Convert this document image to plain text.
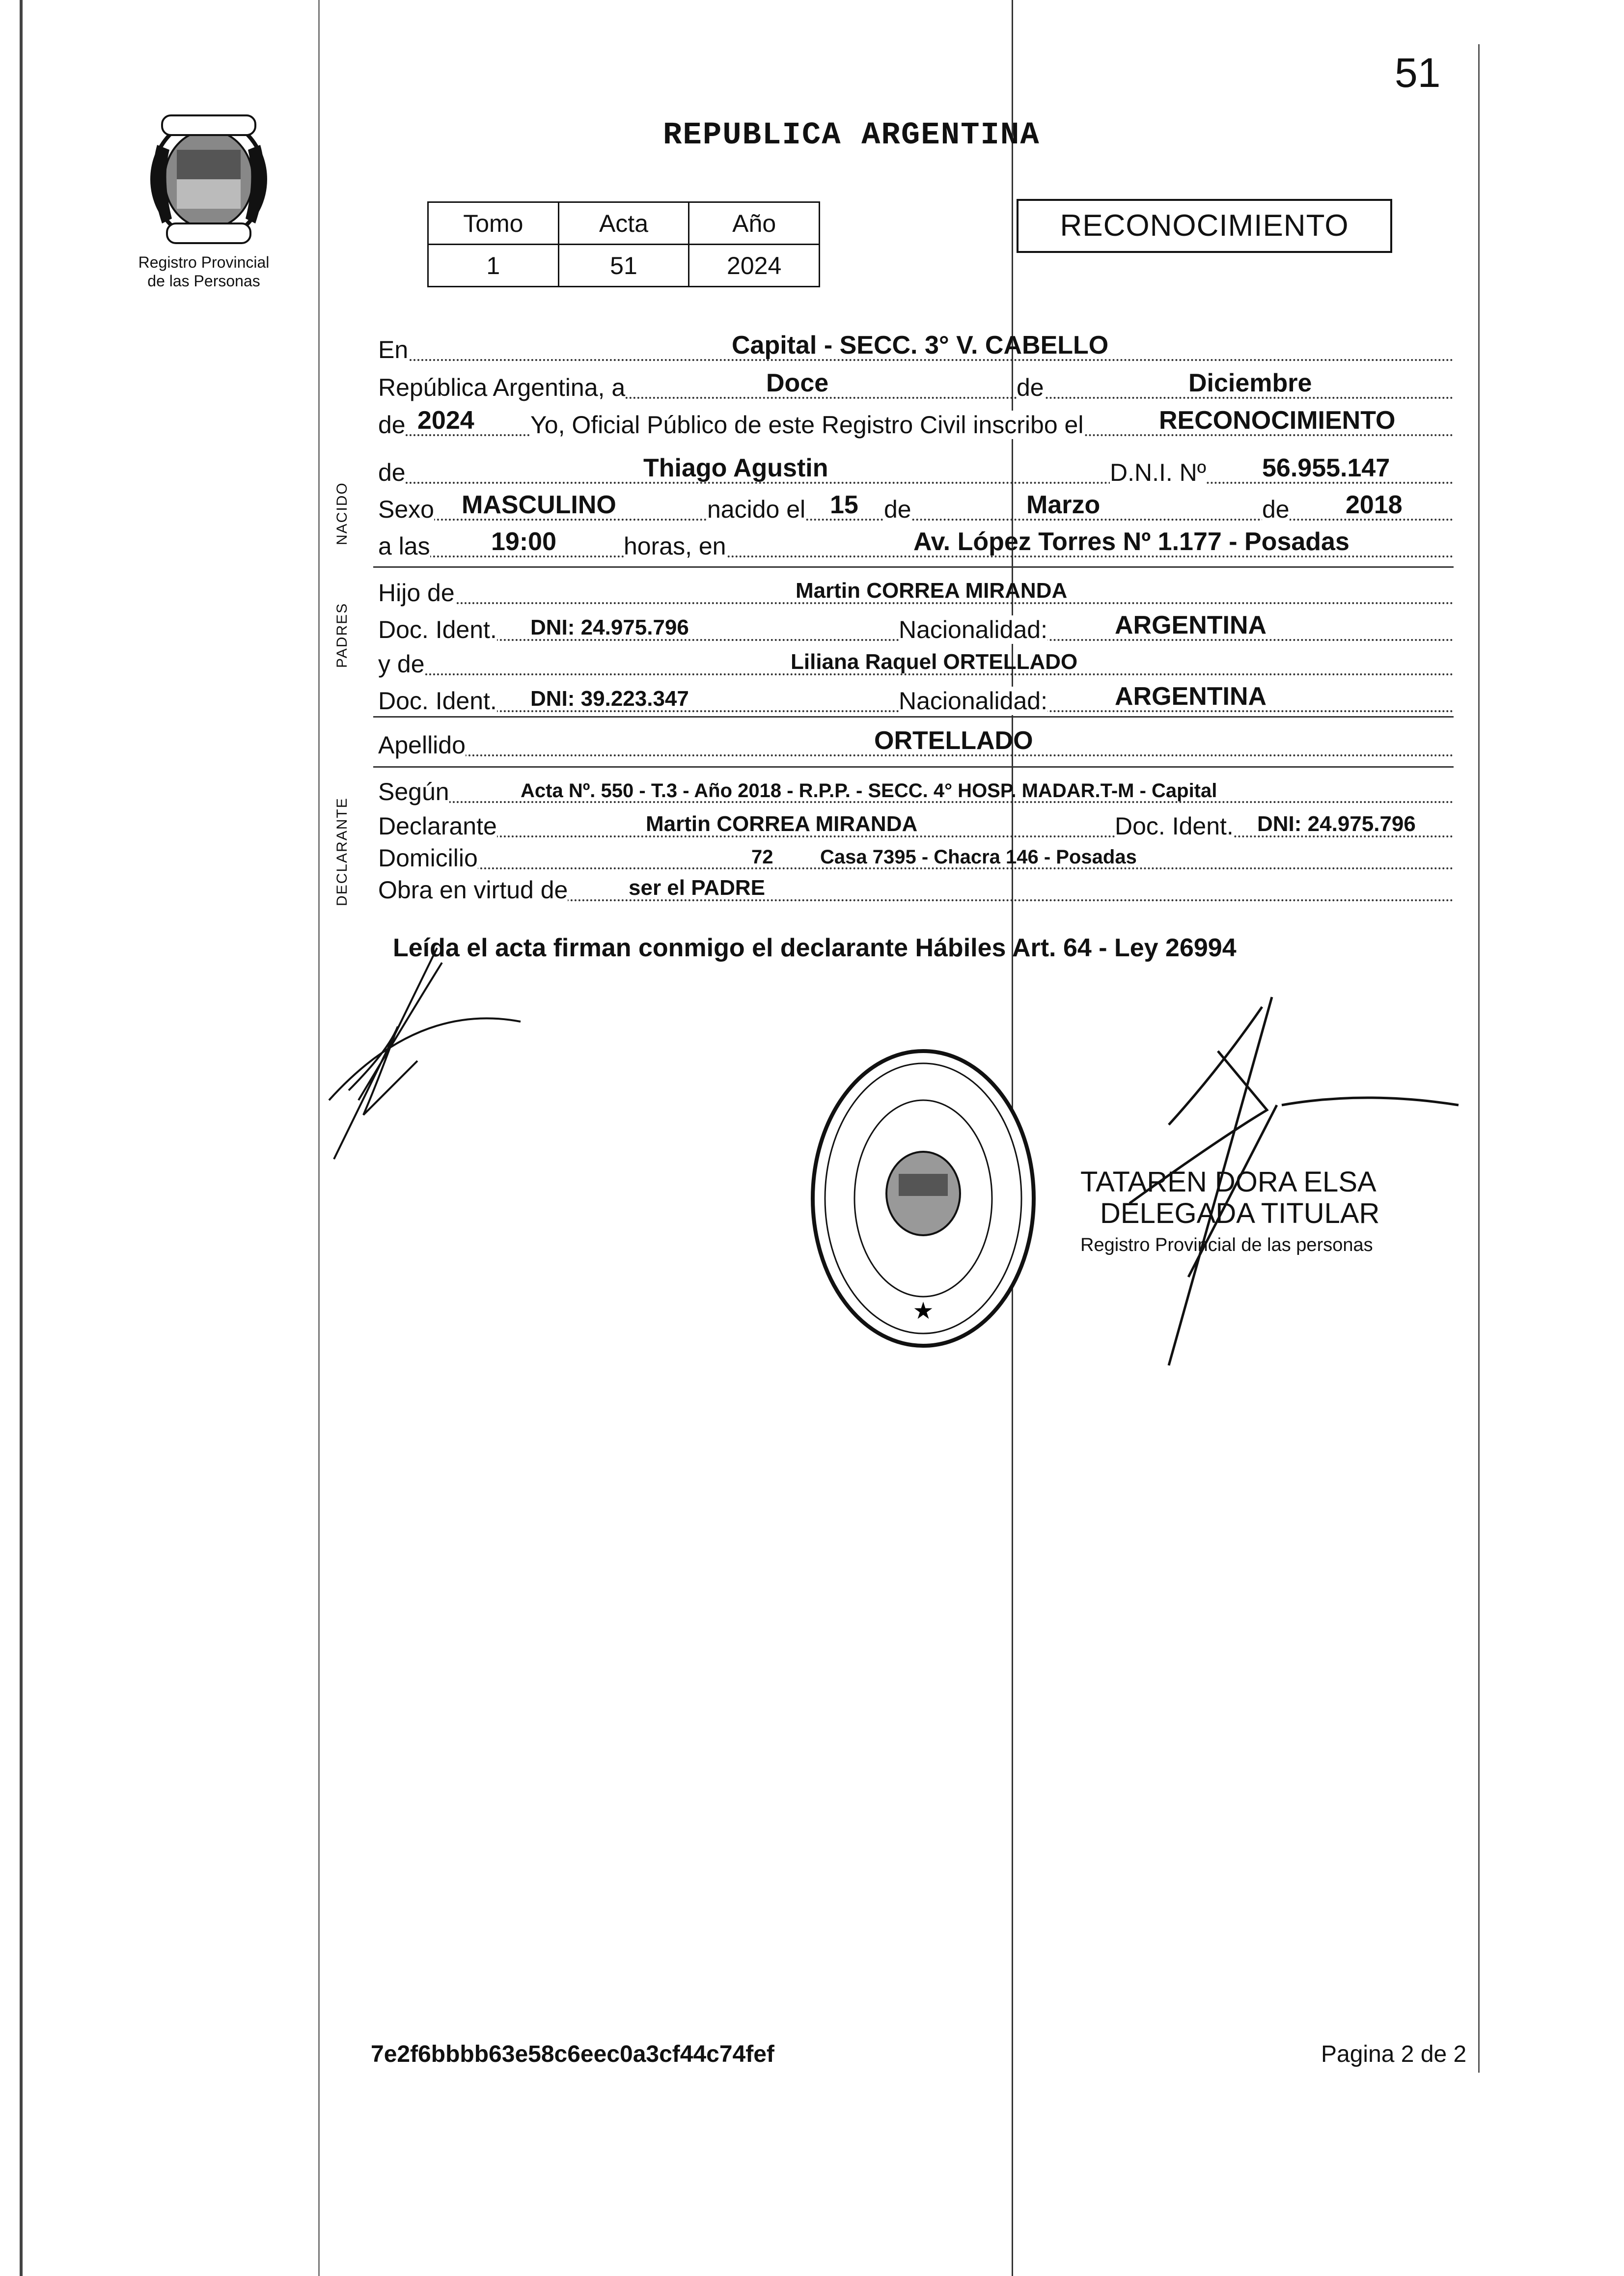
51
Registro Provincial
de las Personas
REPUBLICA ARGENTINA
Tomo	Acta	Año
1	51	2024
RECONOCIMIENTO
En	Capital - SECC. 3° V. CABELLO
República Argentina, a	Doce	de	Diciembre
de 2024 Yo, Oficial Público de este Registro Civil inscribo el	RECONOCIMIENTO
NACIDO
de	Thiago Agustin	D.N.I. Nº 56.955.147
Sexo MASCULINO	nacido el 15 de	Marzo	de 2018
a las 19:00	horas, en	Av. López Torres Nº 1.177 - Posadas
PADRES
Hijo de	Martin CORREA MIRANDA
Doc. Ident. DNI: 24.975.796	Nacionalidad:	ARGENTINA
y de	Liliana Raquel ORTELLADO
Doc. Ident. DNI: 39.223.347	Nacionalidad:	ARGENTINA
Apellido	ORTELLADO
DECLARANTE
Según	Acta Nº. 550 - T.3 - Año 2018 - R.P.P. - SECC. 4° HOSP. MADAR.T-M - Capital
Declarante	Martin CORREA MIRANDA	Doc. Ident. DNI: 24.975.796
Domicilio	72 Casa 7395 - Chacra 146 - Posadas
Obra en virtud de	ser el PADRE
Leída el acta firman conmigo el declarante Hábiles Art. 64 - Ley 26994
★
TATAREN DORA ELSA
DELEGADA TITULAR
Registro Provincial de las personas
7e2f6bbbb63e58c6eec0a3cf44c74fef	Pagina 2 de 2
